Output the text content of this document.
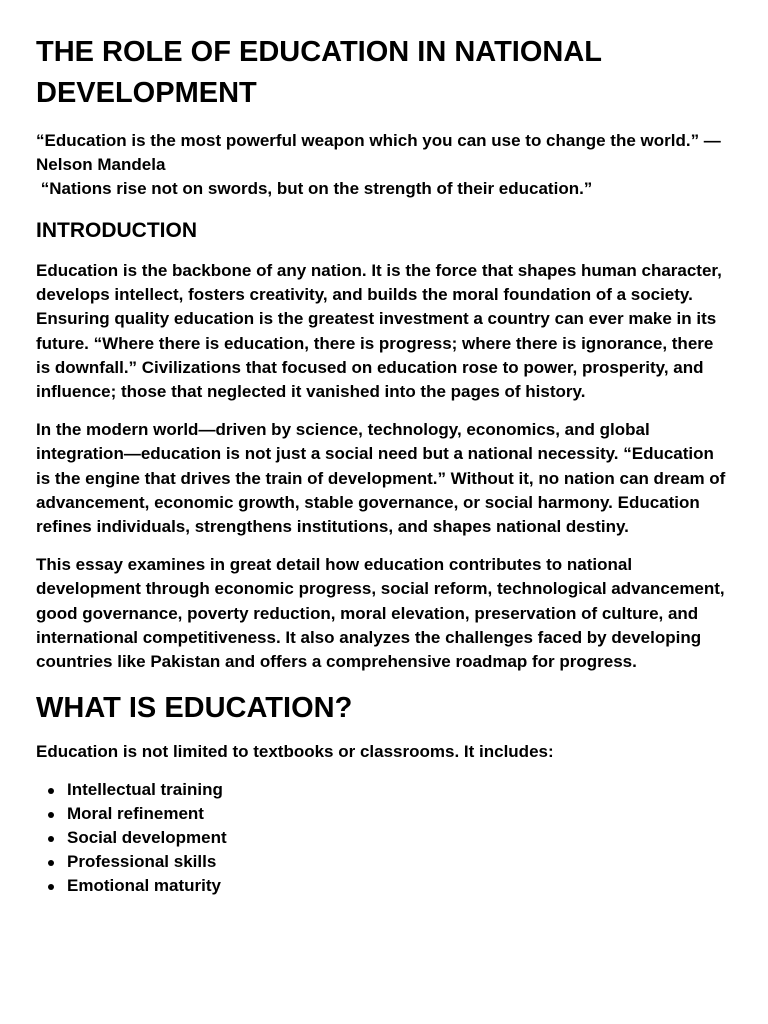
THE ROLE OF EDUCATION IN NATIONAL DEVELOPMENT

“Education is the most powerful weapon which you can use to change the world.” — Nelson Mandela

“Nations rise not on swords, but on the strength of their education.”

INTRODUCTION

Education is the backbone of any nation. It is the force that shapes human character, develops intellect, fosters creativity, and builds the moral foundation of a society. Ensuring quality education is the greatest investment a country can ever make in its future. “Where there is education, there is progress; where there is ignorance, there is downfall.” Civilizations that focused on education rose to power, prosperity, and influence; those that neglected it vanished into the pages of history.

In the modern world—driven by science, technology, economics, and global integration—education is not just a social need but a national necessity. “Education is the engine that drives the train of development.” Without it, no nation can dream of advancement, economic growth, stable governance, or social harmony. Education refines individuals, strengthens institutions, and shapes national destiny.

This essay examines in great detail how education contributes to national development through economic progress, social reform, technological advancement, good governance, poverty reduction, moral elevation, preservation of culture, and international competitiveness. It also analyzes the challenges faced by developing countries like Pakistan and offers a comprehensive roadmap for progress.

WHAT IS EDUCATION?

Education is not limited to textbooks or classrooms. It includes:

Intellectual training
Moral refinement
Social development
Professional skills
Emotional maturity
